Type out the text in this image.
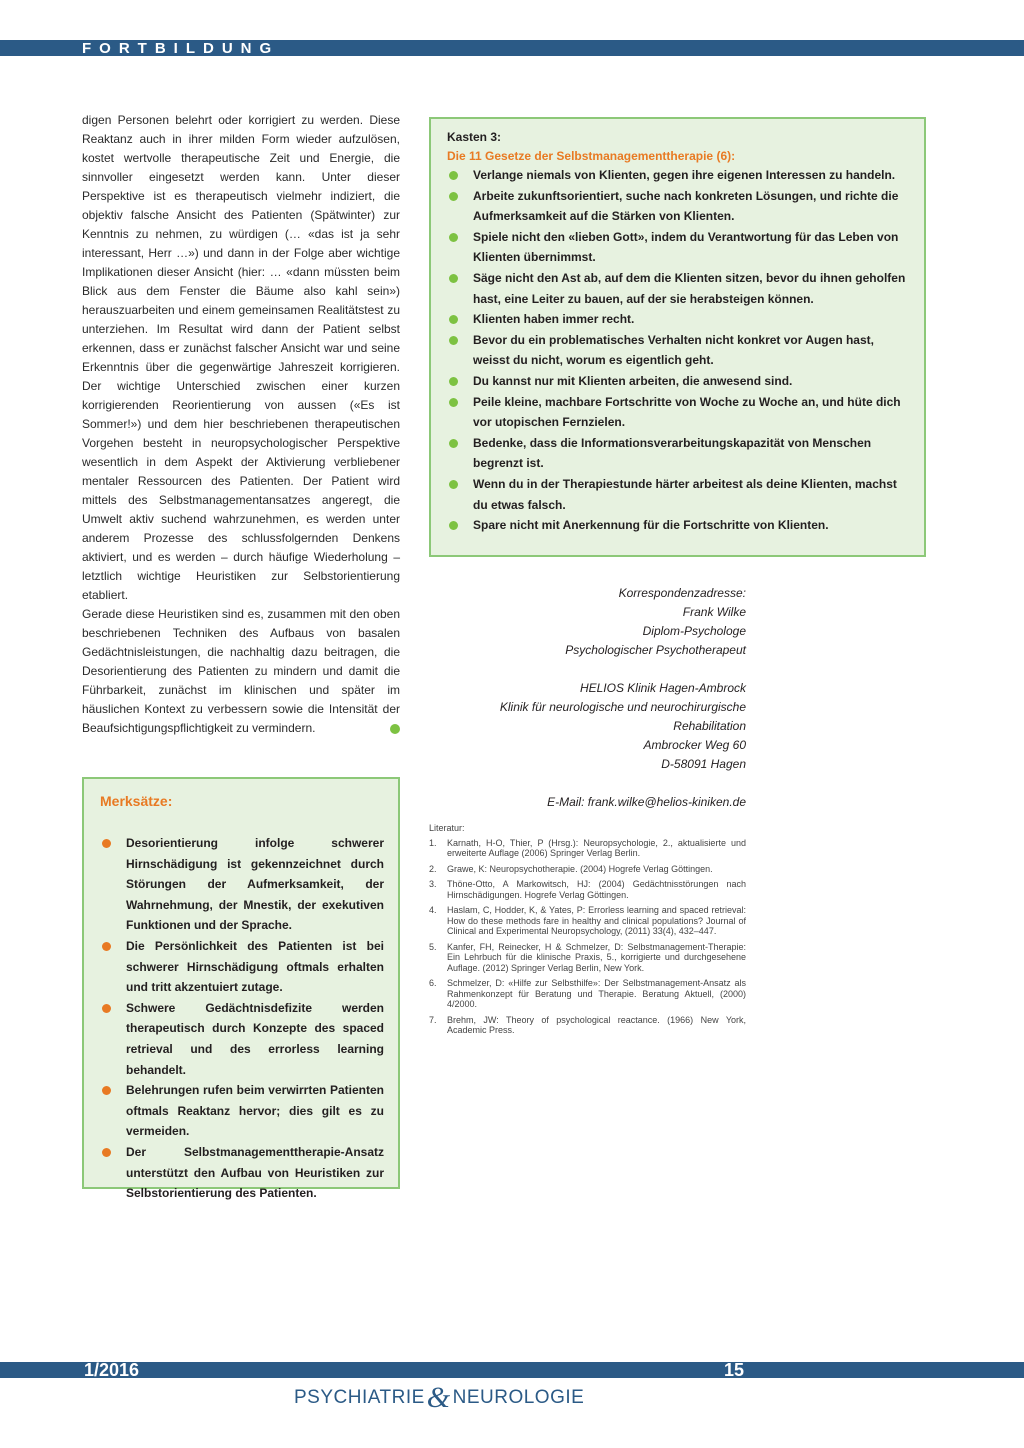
FORTBILDUNG

digen Personen belehrt oder korrigiert zu werden. Diese Reaktanz auch in ihrer milden Form wieder aufzulösen, kostet wertvolle therapeutische Zeit und Energie, die sinnvoller eingesetzt werden kann. Unter dieser Perspektive ist es therapeutisch vielmehr indiziert, die objektiv falsche Ansicht des Patienten (Spätwinter) zur Kenntnis zu nehmen, zu würdigen (… «das ist ja sehr interessant, Herr …») und dann in der Folge aber wichtige Implikationen dieser Ansicht (hier: … «dann müssten beim Blick aus dem Fenster die Bäume also kahl sein») herauszuarbeiten und einem gemeinsamen Realitätstest zu unterziehen. Im Resultat wird dann der Patient selbst erkennen, dass er zunächst falscher Ansicht war und seine Erkenntnis über die gegenwärtige Jahreszeit korrigieren. Der wichtige Unterschied zwischen einer kurzen korrigierenden Reorientierung von aussen («Es ist Sommer!») und dem hier beschriebenen therapeutischen Vorgehen besteht in neuropsychologischer Perspektive wesentlich in dem Aspekt der Aktivierung verbliebener mentaler Ressourcen des Patienten. Der Patient wird mittels des Selbstmanagementansatzes angeregt, die Umwelt aktiv suchend wahrzunehmen, es werden unter anderem Prozesse des schlussfolgernden Denkens aktiviert, und es werden – durch häufige Wiederholung – letztlich wichtige Heuristiken zur Selbstorientierung etabliert.

Gerade diese Heuristiken sind es, zusammen mit den oben beschriebenen Techniken des Aufbaus von basalen Gedächtnisleistungen, die nachhaltig dazu beitragen, die Desorientierung des Patienten zu mindern und damit die Führbarkeit, zunächst im klinischen und später im häuslichen Kontext zu verbessern sowie die Intensität der Beaufsichtigungspflichtigkeit zu vermindern.

Kasten 3:
Die 11 Gesetze der Selbstmanagementtherapie (6):
Verlange niemals von Klienten, gegen ihre eigenen Interessen zu handeln.
Arbeite zukunftsorientiert, suche nach konkreten Lösungen, und richte die Aufmerksamkeit auf die Stärken von Klienten.
Spiele nicht den «lieben Gott», indem du Verantwortung für das Leben von Klienten übernimmst.
Säge nicht den Ast ab, auf dem die Klienten sitzen, bevor du ihnen geholfen hast, eine Leiter zu bauen, auf der sie herabsteigen können.
Klienten haben immer recht.
Bevor du ein problematisches Verhalten nicht konkret vor Augen hast, weisst du nicht, worum es eigentlich geht.
Du kannst nur mit Klienten arbeiten, die anwesend sind.
Peile kleine, machbare Fortschritte von Woche zu Woche an, und hüte dich vor utopischen Fernzielen.
Bedenke, dass die Informationsverarbeitungskapazität von Menschen begrenzt ist.
Wenn du in der Therapiestunde härter arbeitest als deine Klienten, machst du etwas falsch.
Spare nicht mit Anerkennung für die Fortschritte von Klienten.
Korrespondenzadresse:
Frank Wilke
Diplom-Psychologe
Psychologischer Psychotherapeut
HELIOS Klinik Hagen-Ambrock
Klinik für neurologische und neurochirurgische
Rehabilitation
Ambrocker Weg 60
D-58091 Hagen
E-Mail: frank.wilke@helios-kiniken.de
Literatur:
1. Karnath, H-O, Thier, P (Hrsg.): Neuropsychologie, 2., aktualisierte und erweiterte Auflage (2006) Springer Verlag Berlin.
2. Grawe, K: Neuropsychotherapie. (2004) Hogrefe Verlag Göttingen.
3. Thöne-Otto, A Markowitsch, HJ: (2004) Gedächtnisstörungen nach Hirnschädigungen. Hogrefe Verlag Göttingen.
4. Haslam, C, Hodder, K, & Yates, P: Errorless learning and spaced retrieval: How do these methods fare in healthy and clinical populations? Journal of Clinical and Experimental Neuropsychology, (2011) 33(4), 432–447.
5. Kanfer, FH, Reinecker, H & Schmelzer, D: Selbstmanagement-Therapie: Ein Lehrbuch für die klinische Praxis, 5., korrigierte und durchgesehene Auflage. (2012) Springer Verlag Berlin, New York.
6. Schmelzer, D: «Hilfe zur Selbsthilfe»: Der Selbstmanagement-Ansatz als Rahmenkonzept für Beratung und Therapie. Beratung Aktuell, (2000) 4/2000.
7. Brehm, JW: Theory of psychological reactance. (1966) New York, Academic Press.
Merksätze:
Desorientierung infolge schwerer Hirnschädigung ist gekennzeichnet durch Störungen der Aufmerksamkeit, der Wahrnehmung, der Mnestik, der exekutiven Funktionen und der Sprache.
Die Persönlichkeit des Patienten ist bei schwerer Hirnschädigung oftmals erhalten und tritt akzentuiert zutage.
Schwere Gedächtnisdefizite werden therapeutisch durch Konzepte des spaced retrieval und des errorless learning behandelt.
Belehrungen rufen beim verwirrten Patienten oftmals Reaktanz hervor; dies gilt es zu vermeiden.
Der Selbstmanagementtherapie-Ansatz unterstützt den Aufbau von Heuristiken zur Selbstorientierung des Patienten.
1/2016	15
PSYCHIATRIE& NEUROLOGIE
